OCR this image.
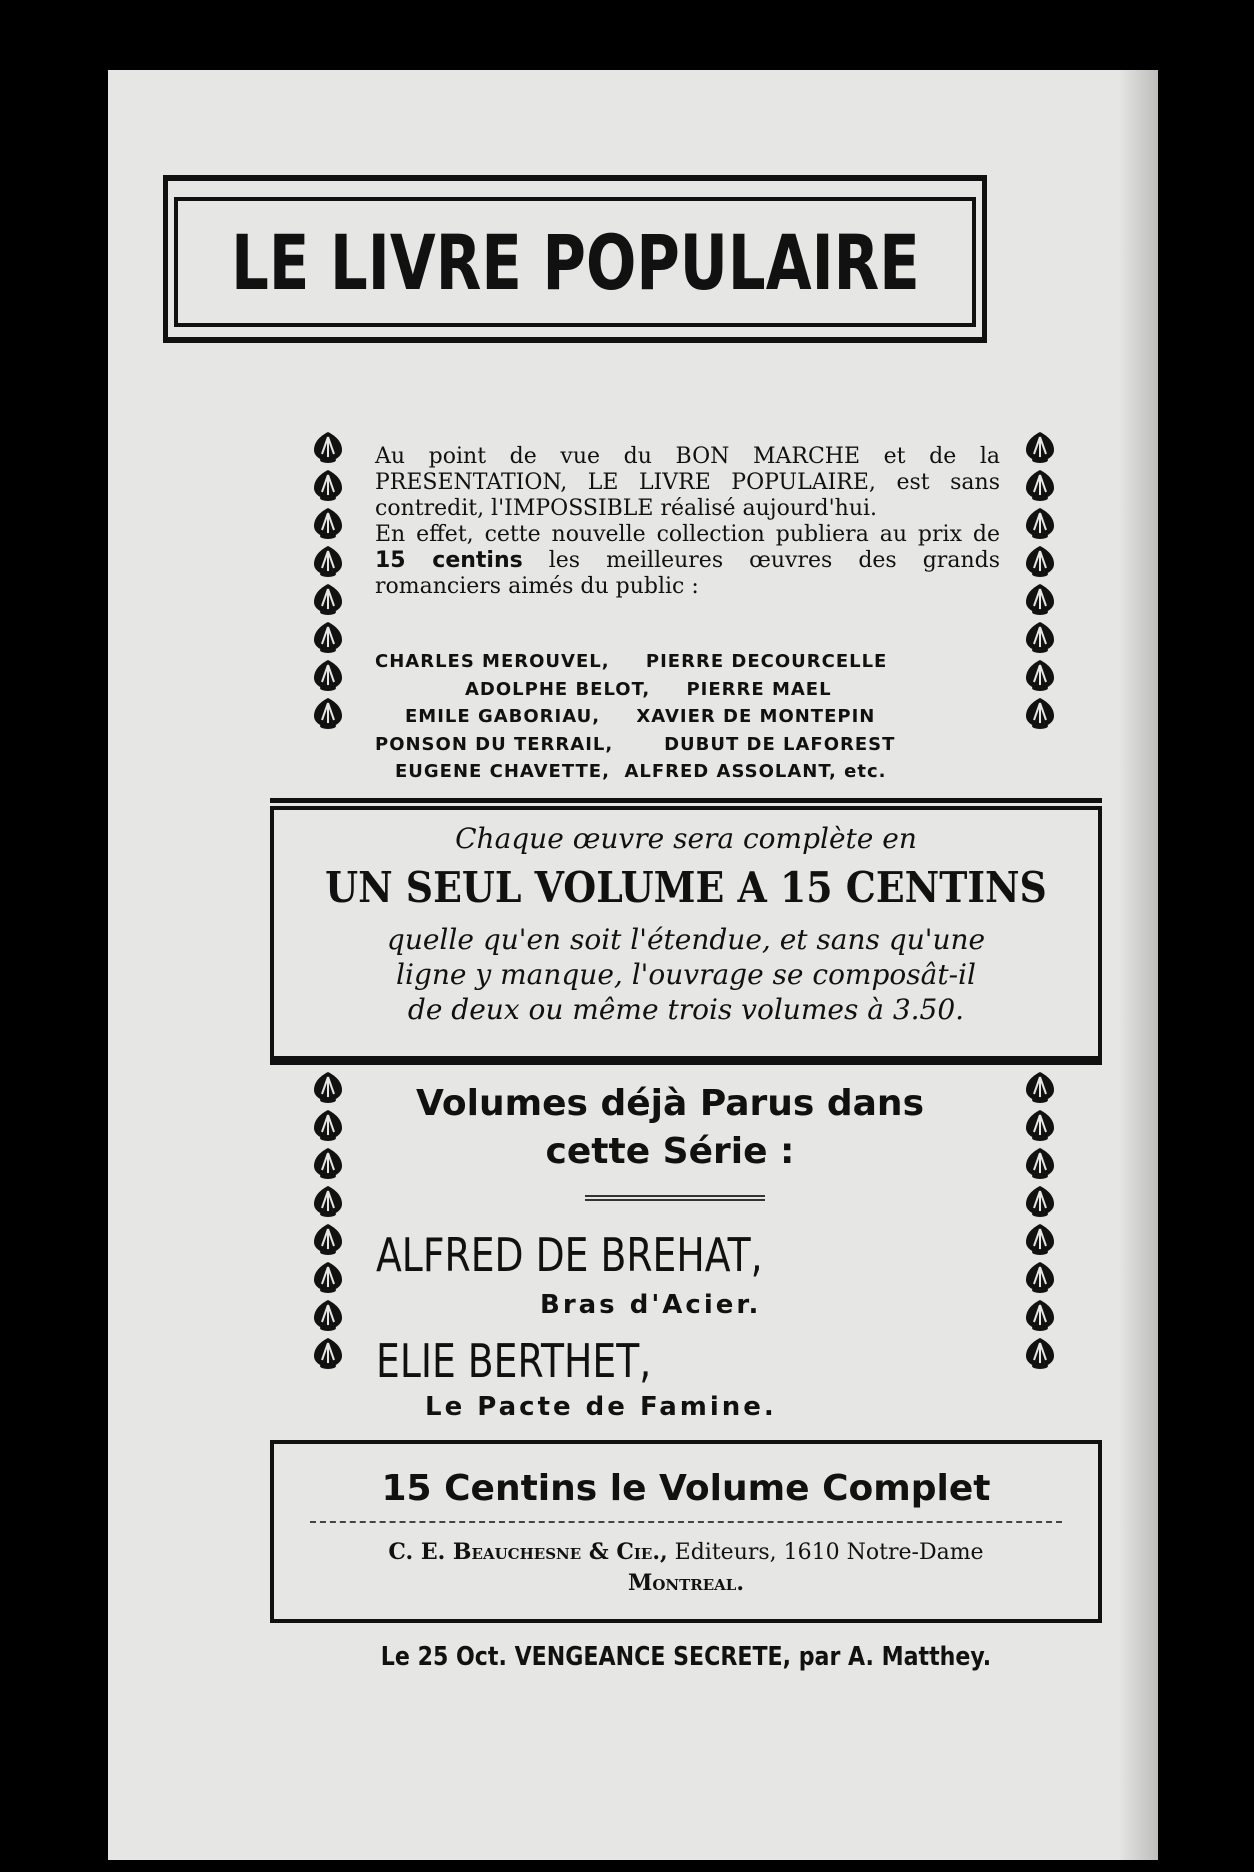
LE LIVRE POPULAIRE
Au point de vue du BON MARCHE et de la PRESENTATION, LE LIVRE POPULAIRE, est sans contredit, l'IMPOSSIBLE réalisé aujourd'hui.
En effet, cette nouvelle collection publiera au prix de 15 centins les meilleures œuvres des grands romanciers aimés du public :
CHARLES MEROUVEL,     PIERRE DECOURCELLE
ADOLPHE BELOT,     PIERRE MAEL
EMILE GABORIAU,     XAVIER DE MONTEPIN
PONSON DU TERRAIL,       DUBUT DE LAFOREST
EUGENE CHAVETTE,  ALFRED ASSOLANT, etc.
Chaque œuvre sera complète en
UN SEUL VOLUME A 15 CENTINS
quelle qu'en soit l'étendue, et sans qu'une
ligne y manque, l'ouvrage se composât-il
de deux ou même trois volumes à 3.50.
Volumes déjà Parus dans
cette Série :
ALFRED DE BREHAT,
Bras d'Acier.
ELIE BERTHET,
Le Pacte de Famine.
15 Centins le Volume Complet
C. E. Beauchesne & Cie., Editeurs, 1610 Notre-Dame
Montreal.
Le 25 Oct. VENGEANCE SECRETE, par A. Matthey.
